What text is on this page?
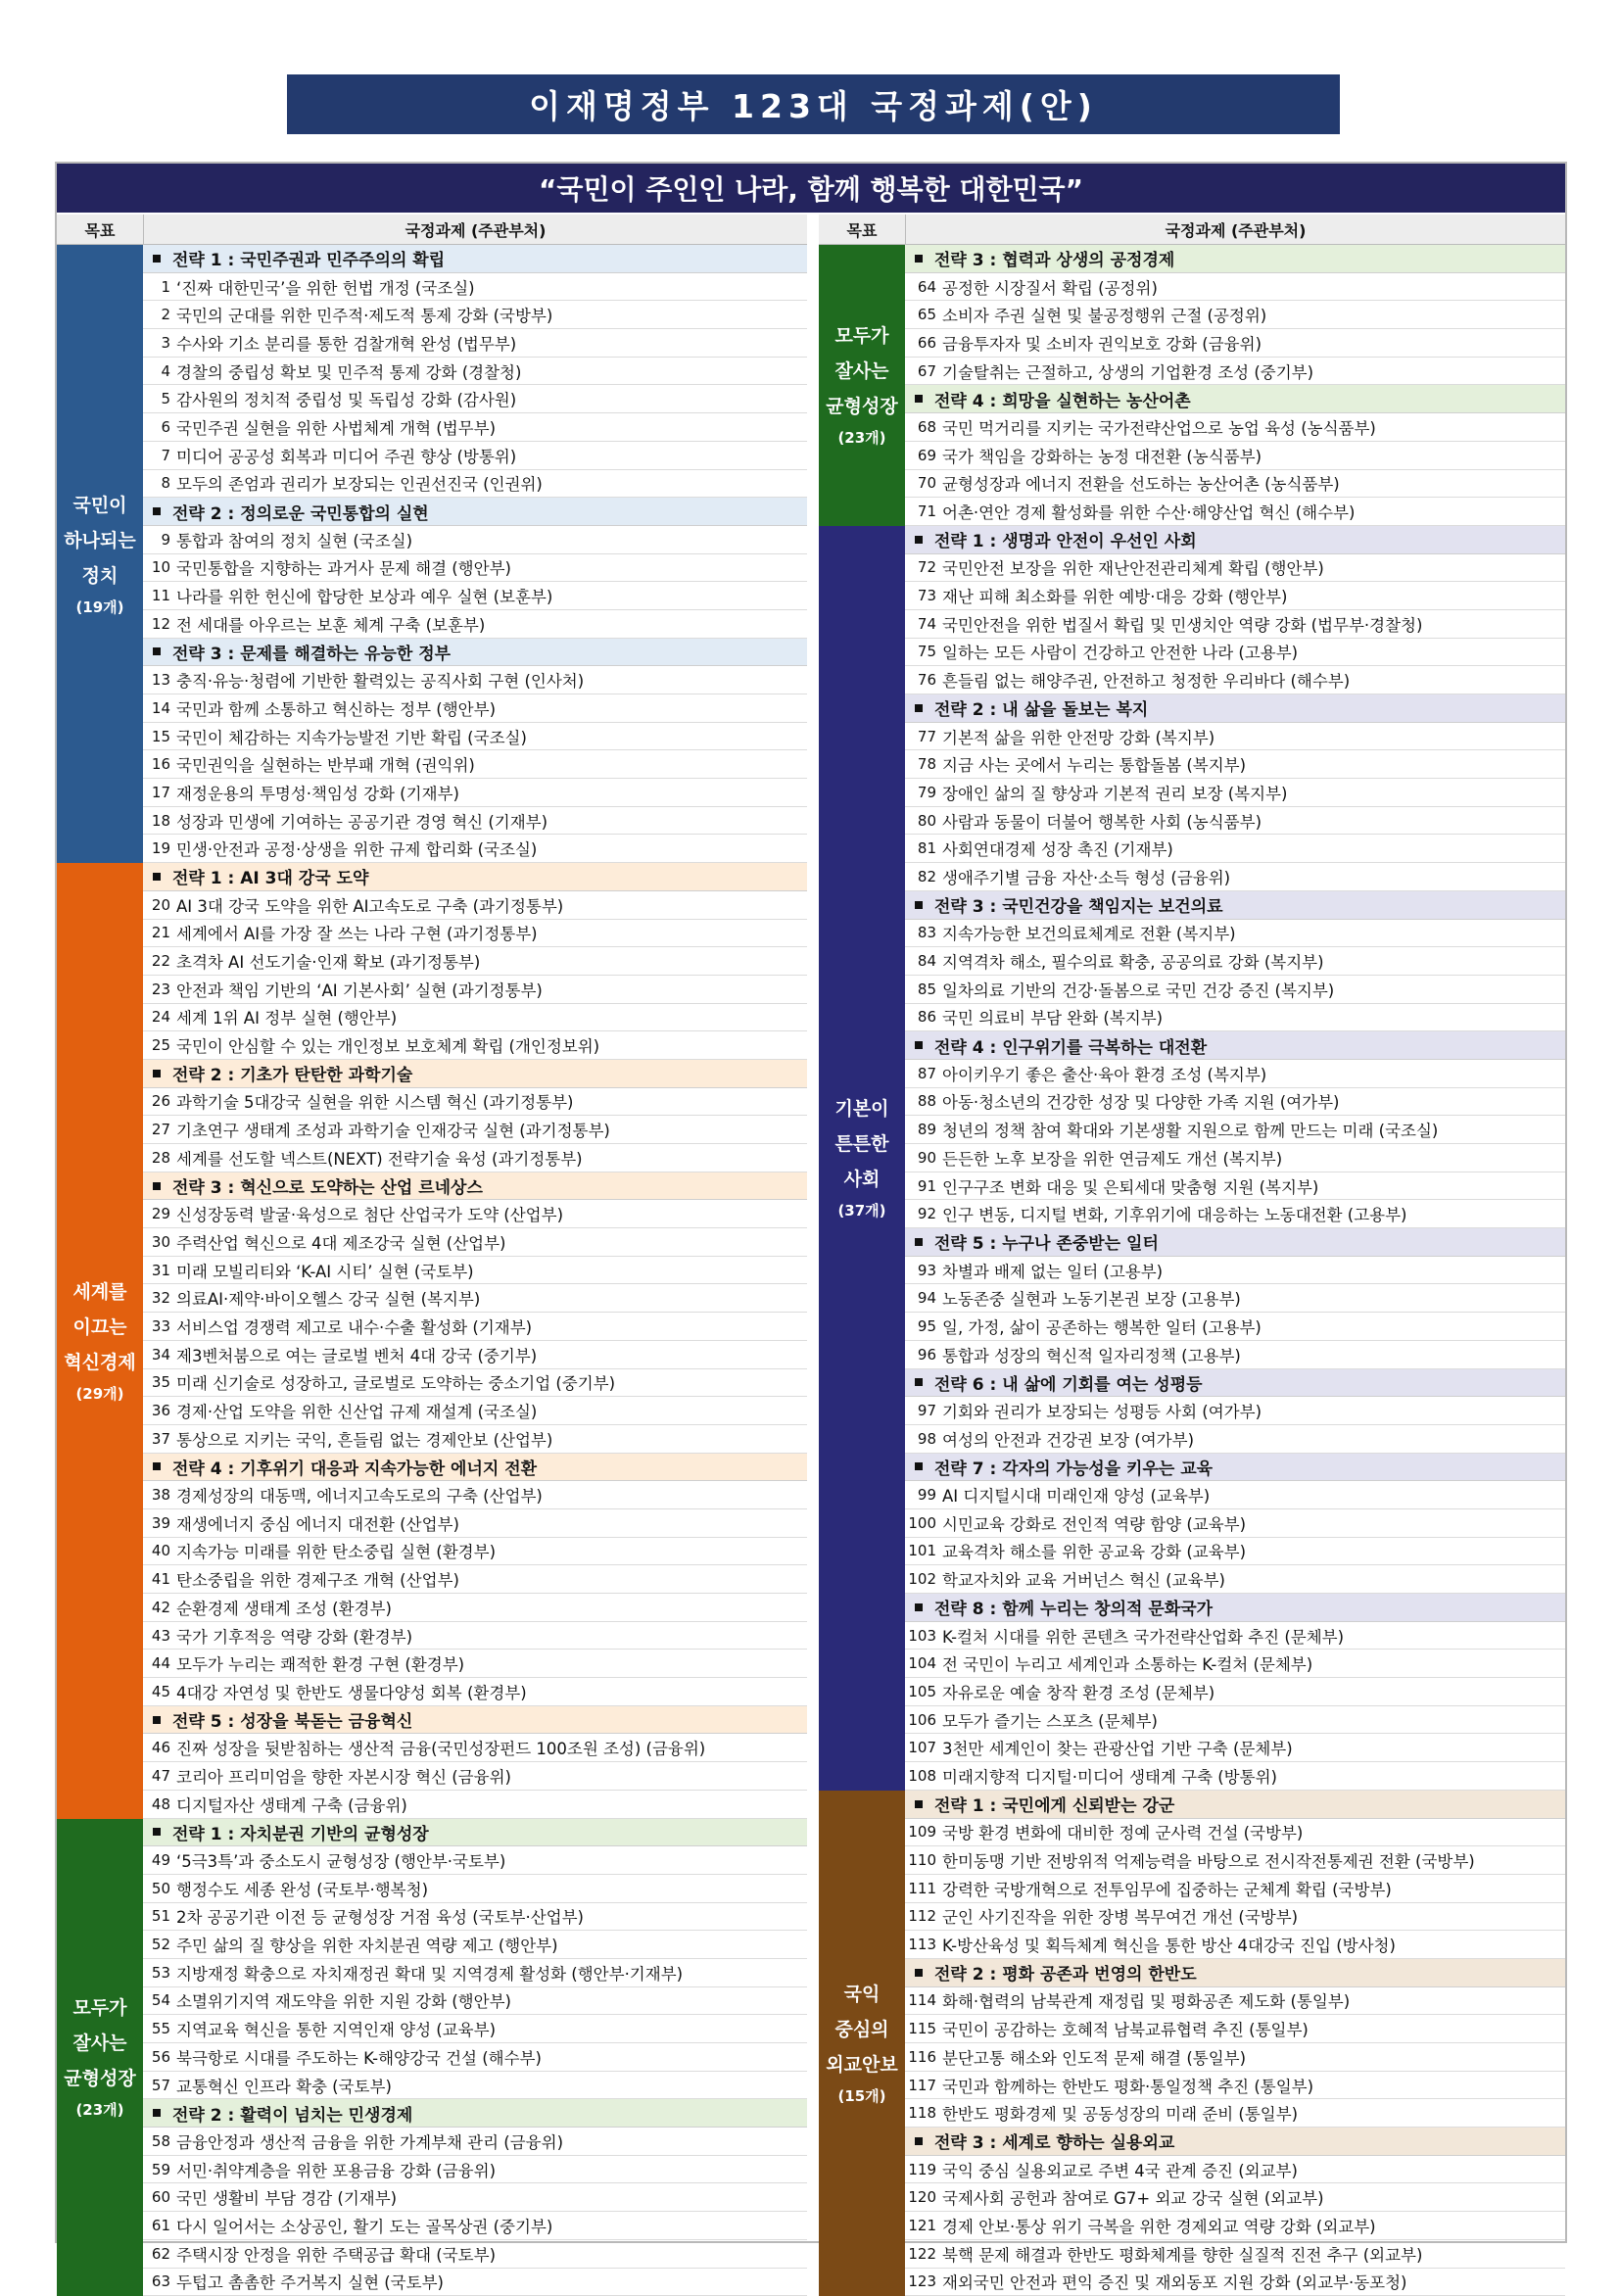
이재명정부 123대 국정과제(안)
“국민이 주인인 나라, 함께 행복한 대한민국”
목표	국정과제 (주관부처)
국민이
하나되는
정치
(19개)
전략 1 : 국민주권과 민주주의의 확립
1 ‘진짜 대한민국’을 위한 헌법 개정 (국조실)
2 국민의 군대를 위한 민주적·제도적 통제 강화 (국방부)
3 수사와 기소 분리를 통한 검찰개혁 완성 (법무부)
4 경찰의 중립성 확보 및 민주적 통제 강화 (경찰청)
5 감사원의 정치적 중립성 및 독립성 강화 (감사원)
6 국민주권 실현을 위한 사법체계 개혁 (법무부)
7 미디어 공공성 회복과 미디어 주권 향상 (방통위)
8 모두의 존엄과 권리가 보장되는 인권선진국 (인권위)
전략 2 : 정의로운 국민통합의 실현
9 통합과 참여의 정치 실현 (국조실)
10 국민통합을 지향하는 과거사 문제 해결 (행안부)
11 나라를 위한 헌신에 합당한 보상과 예우 실현 (보훈부)
12 전 세대를 아우르는 보훈 체계 구축 (보훈부)
전략 3 : 문제를 해결하는 유능한 정부
13 충직·유능·청렴에 기반한 활력있는 공직사회 구현 (인사처)
14 국민과 함께 소통하고 혁신하는 정부 (행안부)
15 국민이 체감하는 지속가능발전 기반 확립 (국조실)
16 국민권익을 실현하는 반부패 개혁 (권익위)
17 재정운용의 투명성·책임성 강화 (기재부)
18 성장과 민생에 기여하는 공공기관 경영 혁신 (기재부)
19 민생·안전과 공정·상생을 위한 규제 합리화 (국조실)
세계를
이끄는
혁신경제
(29개)
전략 1 : AI 3대 강국 도약
20 AI 3대 강국 도약을 위한 AI고속도로 구축 (과기정통부)
21 세계에서 AI를 가장 잘 쓰는 나라 구현 (과기정통부)
22 초격차 AI 선도기술·인재 확보 (과기정통부)
23 안전과 책임 기반의 ‘AI 기본사회’ 실현 (과기정통부)
24 세계 1위 AI 정부 실현 (행안부)
25 국민이 안심할 수 있는 개인정보 보호체계 확립 (개인정보위)
전략 2 : 기초가 탄탄한 과학기술
26 과학기술 5대강국 실현을 위한 시스템 혁신 (과기정통부)
27 기초연구 생태계 조성과 과학기술 인재강국 실현 (과기정통부)
28 세계를 선도할 넥스트(NEXT) 전략기술 육성 (과기정통부)
전략 3 : 혁신으로 도약하는 산업 르네상스
29 신성장동력 발굴·육성으로 첨단 산업국가 도약 (산업부)
30 주력산업 혁신으로 4대 제조강국 실현 (산업부)
31 미래 모빌리티와 ‘K-AI 시티’ 실현 (국토부)
32 의료AI·제약·바이오헬스 강국 실현 (복지부)
33 서비스업 경쟁력 제고로 내수·수출 활성화 (기재부)
34 제3벤처붐으로 여는 글로벌 벤처 4대 강국 (중기부)
35 미래 신기술로 성장하고, 글로벌로 도약하는 중소기업 (중기부)
36 경제·산업 도약을 위한 신산업 규제 재설계 (국조실)
37 통상으로 지키는 국익, 흔들림 없는 경제안보 (산업부)
전략 4 : 기후위기 대응과 지속가능한 에너지 전환
38 경제성장의 대동맥, 에너지고속도로의 구축 (산업부)
39 재생에너지 중심 에너지 대전환 (산업부)
40 지속가능 미래를 위한 탄소중립 실현 (환경부)
41 탄소중립을 위한 경제구조 개혁 (산업부)
42 순환경제 생태계 조성 (환경부)
43 국가 기후적응 역량 강화 (환경부)
44 모두가 누리는 쾌적한 환경 구현 (환경부)
45 4대강 자연성 및 한반도 생물다양성 회복 (환경부)
전략 5 : 성장을 북돋는 금융혁신
46 진짜 성장을 뒷받침하는 생산적 금융(국민성장펀드 100조원 조성) (금융위)
47 코리아 프리미엄을 향한 자본시장 혁신 (금융위)
48 디지털자산 생태계 구축 (금융위)
모두가
잘사는
균형성장
(23개)
전략 1 : 자치분권 기반의 균형성장
49 ‘5극3특’과 중소도시 균형성장 (행안부·국토부)
50 행정수도 세종 완성 (국토부·행복청)
51 2차 공공기관 이전 등 균형성장 거점 육성 (국토부·산업부)
52 주민 삶의 질 향상을 위한 자치분권 역량 제고 (행안부)
53 지방재정 확충으로 자치재정권 확대 및 지역경제 활성화 (행안부·기재부)
54 소멸위기지역 재도약을 위한 지원 강화 (행안부)
55 지역교육 혁신을 통한 지역인재 양성 (교육부)
56 북극항로 시대를 주도하는 K-해양강국 건설 (해수부)
57 교통혁신 인프라 확충 (국토부)
전략 2 : 활력이 넘치는 민생경제
58 금융안정과 생산적 금융을 위한 가계부채 관리 (금융위)
59 서민·취약계층을 위한 포용금융 강화 (금융위)
60 국민 생활비 부담 경감 (기재부)
61 다시 일어서는 소상공인, 활기 도는 골목상권 (중기부)
62 주택시장 안정을 위한 주택공급 확대 (국토부)
63 두텁고 촘촘한 주거복지 실현 (국토부)
목표	국정과제 (주관부처)
모두가
잘사는
균형성장
(23개)
전략 3 : 협력과 상생의 공정경제
64 공정한 시장질서 확립 (공정위)
65 소비자 주권 실현 및 불공정행위 근절 (공정위)
66 금융투자자 및 소비자 권익보호 강화 (금융위)
67 기술탈취는 근절하고, 상생의 기업환경 조성 (중기부)
전략 4 : 희망을 실현하는 농산어촌
68 국민 먹거리를 지키는 국가전략산업으로 농업 육성 (농식품부)
69 국가 책임을 강화하는 농정 대전환 (농식품부)
70 균형성장과 에너지 전환을 선도하는 농산어촌 (농식품부)
71 어촌·연안 경제 활성화를 위한 수산·해양산업 혁신 (해수부)
기본이
튼튼한
사회
(37개)
전략 1 : 생명과 안전이 우선인 사회
72 국민안전 보장을 위한 재난안전관리체계 확립 (행안부)
73 재난 피해 최소화를 위한 예방·대응 강화 (행안부)
74 국민안전을 위한 법질서 확립 및 민생치안 역량 강화 (법무부·경찰청)
75 일하는 모든 사람이 건강하고 안전한 나라 (고용부)
76 흔들림 없는 해양주권, 안전하고 청정한 우리바다 (해수부)
전략 2 : 내 삶을 돌보는 복지
77 기본적 삶을 위한 안전망 강화 (복지부)
78 지금 사는 곳에서 누리는 통합돌봄 (복지부)
79 장애인 삶의 질 향상과 기본적 권리 보장 (복지부)
80 사람과 동물이 더불어 행복한 사회 (농식품부)
81 사회연대경제 성장 촉진 (기재부)
82 생애주기별 금융 자산·소득 형성 (금융위)
전략 3 : 국민건강을 책임지는 보건의료
83 지속가능한 보건의료체계로 전환 (복지부)
84 지역격차 해소, 필수의료 확충, 공공의료 강화 (복지부)
85 일차의료 기반의 건강·돌봄으로 국민 건강 증진 (복지부)
86 국민 의료비 부담 완화 (복지부)
전략 4 : 인구위기를 극복하는 대전환
87 아이키우기 좋은 출산·육아 환경 조성 (복지부)
88 아동·청소년의 건강한 성장 및 다양한 가족 지원 (여가부)
89 청년의 정책 참여 확대와 기본생활 지원으로 함께 만드는 미래 (국조실)
90 든든한 노후 보장을 위한 연금제도 개선 (복지부)
91 인구구조 변화 대응 및 은퇴세대 맞춤형 지원 (복지부)
92 인구 변동, 디지털 변화, 기후위기에 대응하는 노동대전환 (고용부)
전략 5 : 누구나 존중받는 일터
93 차별과 배제 없는 일터 (고용부)
94 노동존중 실현과 노동기본권 보장 (고용부)
95 일, 가정, 삶이 공존하는 행복한 일터 (고용부)
96 통합과 성장의 혁신적 일자리정책 (고용부)
전략 6 : 내 삶에 기회를 여는 성평등
97 기회와 권리가 보장되는 성평등 사회 (여가부)
98 여성의 안전과 건강권 보장 (여가부)
전략 7 : 각자의 가능성을 키우는 교육
99 AI 디지털시대 미래인재 양성 (교육부)
100 시민교육 강화로 전인적 역량 함양 (교육부)
101 교육격차 해소를 위한 공교육 강화 (교육부)
102 학교자치와 교육 거버넌스 혁신 (교육부)
전략 8 : 함께 누리는 창의적 문화국가
103 K-컬처 시대를 위한 콘텐츠 국가전략산업화 추진 (문체부)
104 전 국민이 누리고 세계인과 소통하는 K-컬처 (문체부)
105 자유로운 예술 창작 환경 조성 (문체부)
106 모두가 즐기는 스포츠 (문체부)
107 3천만 세계인이 찾는 관광산업 기반 구축 (문체부)
108 미래지향적 디지털·미디어 생태계 구축 (방통위)
국익
중심의
외교안보
(15개)
전략 1 : 국민에게 신뢰받는 강군
109 국방 환경 변화에 대비한 정예 군사력 건설 (국방부)
110 한미동맹 기반 전방위적 억제능력을 바탕으로 전시작전통제권 전환 (국방부)
111 강력한 국방개혁으로 전투임무에 집중하는 군체계 확립 (국방부)
112 군인 사기진작을 위한 장병 복무여건 개선 (국방부)
113 K-방산육성 및 획득체계 혁신을 통한 방산 4대강국 진입 (방사청)
전략 2 : 평화 공존과 번영의 한반도
114 화해·협력의 남북관계 재정립 및 평화공존 제도화 (통일부)
115 국민이 공감하는 호혜적 남북교류협력 추진 (통일부)
116 분단고통 해소와 인도적 문제 해결 (통일부)
117 국민과 함께하는 한반도 평화·통일정책 추진 (통일부)
118 한반도 평화경제 및 공동성장의 미래 준비 (통일부)
전략 3 : 세계로 향하는 실용외교
119 국익 중심 실용외교로 주변 4국 관계 증진 (외교부)
120 국제사회 공헌과 참여로 G7+ 외교 강국 실현 (외교부)
121 경제 안보·통상 위기 극복을 위한 경제외교 역량 강화 (외교부)
122 북핵 문제 해결과 한반도 평화체계를 향한 실질적 진전 추구 (외교부)
123 재외국민 안전과 편익 증진 및 재외동포 지원 강화 (외교부·동포청)
